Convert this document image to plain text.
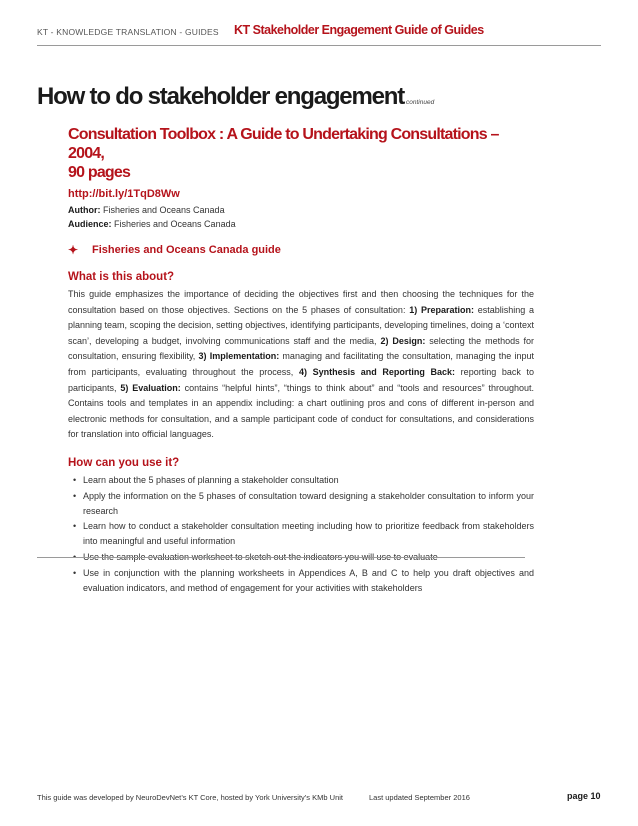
KT - KNOWLEDGE TRANSLATION - GUIDES KT Stakeholder Engagement Guide of Guides
How to do stakeholder engagement continued
Consultation Toolbox : A Guide to Undertaking Consultations – 2004,
90 pages
http://bit.ly/1TqD8Ww
Author: Fisheries and Oceans Canada
Audience: Fisheries and Oceans Canada
✦	Fisheries and Oceans Canada guide
What is this about?
This guide emphasizes the importance of deciding the objectives first and then choosing the techniques for the consultation based on those objectives. Sections on the 5 phases of consultation: 1) Preparation: establishing a planning team, scoping the decision, setting objectives, identifying participants, developing timelines, doing a ‘context scan’, developing a budget, involving communications staff and the media, 2) Design: selecting the methods for consultation, ensuring flexibility, 3) Implementation: managing and facilitating the consultation, managing the input from participants, evaluating throughout the process, 4) Synthesis and Reporting Back: reporting back to participants, 5) Evaluation: contains “helpful hints”, “things to think about” and “tools and resources” throughout. Contains tools and templates in an appendix including: a chart outlining pros and cons of different in-person and electronic methods for consultation, and a sample participant code of conduct for consultations, and considerations for translation into official languages.
How can you use it?
• Learn about the 5 phases of planning a stakeholder consultation
• Apply the information on the 5 phases of consultation toward designing a stakeholder consultation to inform your research
• Learn how to conduct a stakeholder consultation meeting including how to prioritize feedback from stakeholders into meaningful and useful information
• Use the sample evaluation worksheet to sketch out the indicators you will use to evaluate
• Use in conjunction with the planning worksheets in Appendices A, B and C to help you draft objectives and evaluation indicators, and method of engagement for your activities with stakeholders
This guide was developed by NeuroDevNet’s KT Core, hosted by York University’s KMb Unit	Last updated September 2016	page 10
